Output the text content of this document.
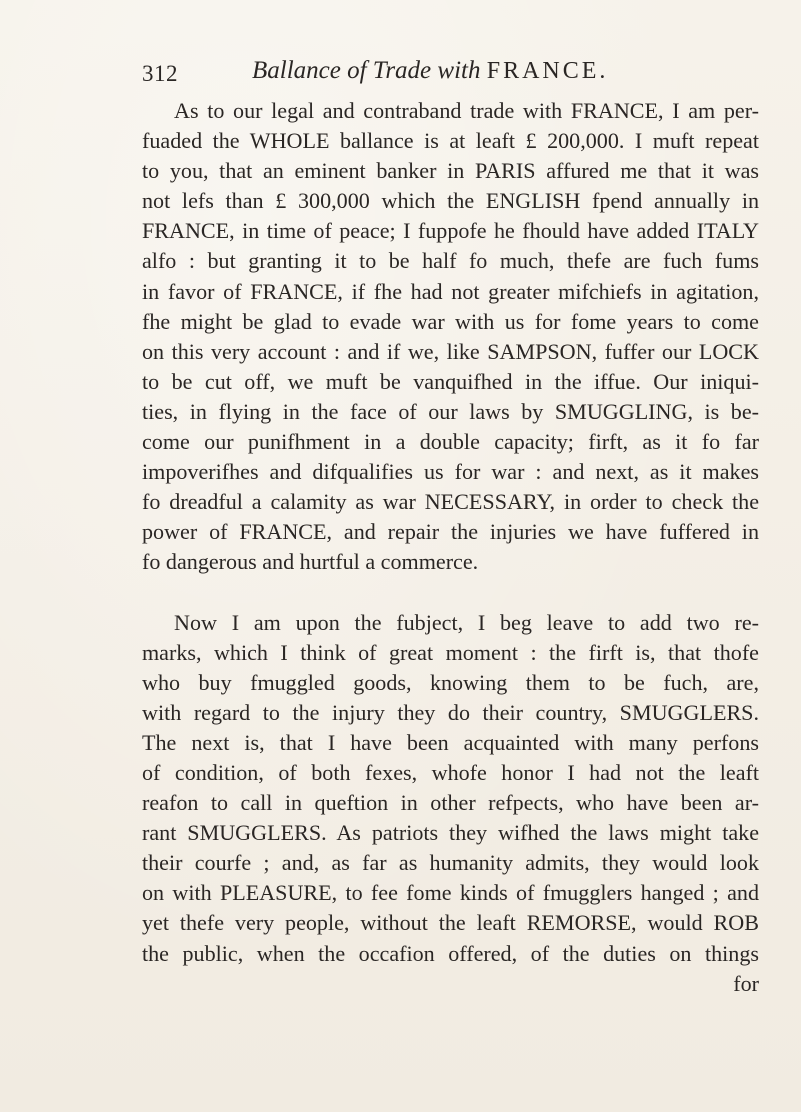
312	Ballance of Trade with FRANCE.
As to our legal and contraband trade with FRANCE, I am per-
fuaded the WHOLE ballance is at leaft £ 200,000. I muft repeat
to you, that an eminent banker in PARIS affured me that it was
not lefs than £ 300,000 which the ENGLISH fpend annually in
FRANCE, in time of peace; I fuppofe he fhould have added ITALY
alfo : but granting it to be half fo much, thefe are fuch fums
in favor of FRANCE, if fhe had not greater mifchiefs in agitation,
fhe might be glad to evade war with us for fome years to come
on this very account : and if we, like SAMPSON, fuffer our LOCK
to be cut off, we muft be vanquifhed in the iffue. Our iniqui-
ties, in flying in the face of our laws by SMUGGLING, is be-
come our punifhment in a double capacity; firft, as it fo far
impoverifhes and difqualifies us for war : and next, as it makes
fo dreadful a calamity as war NECESSARY, in order to check the
power of FRANCE, and repair the injuries we have fuffered in
fo dangerous and hurtful a commerce.
Now I am upon the fubject, I beg leave to add two re-
marks, which I think of great moment : the firft is, that thofe
who buy fmuggled goods, knowing them to be fuch, are,
with regard to the injury they do their country, SMUGGLERS.
The next is, that I have been acquainted with many perfons
of condition, of both fexes, whofe honor I had not the leaft
reafon to call in queftion in other refpects, who have been ar-
rant SMUGGLERS. As patriots they wifhed the laws might take
their courfe ; and, as far as humanity admits, they would look
on with PLEASURE, to fee fome kinds of fmugglers hanged ; and
yet thefe very people, without the leaft REMORSE, would ROB
the public, when the occafion offered, of the duties on things
for
